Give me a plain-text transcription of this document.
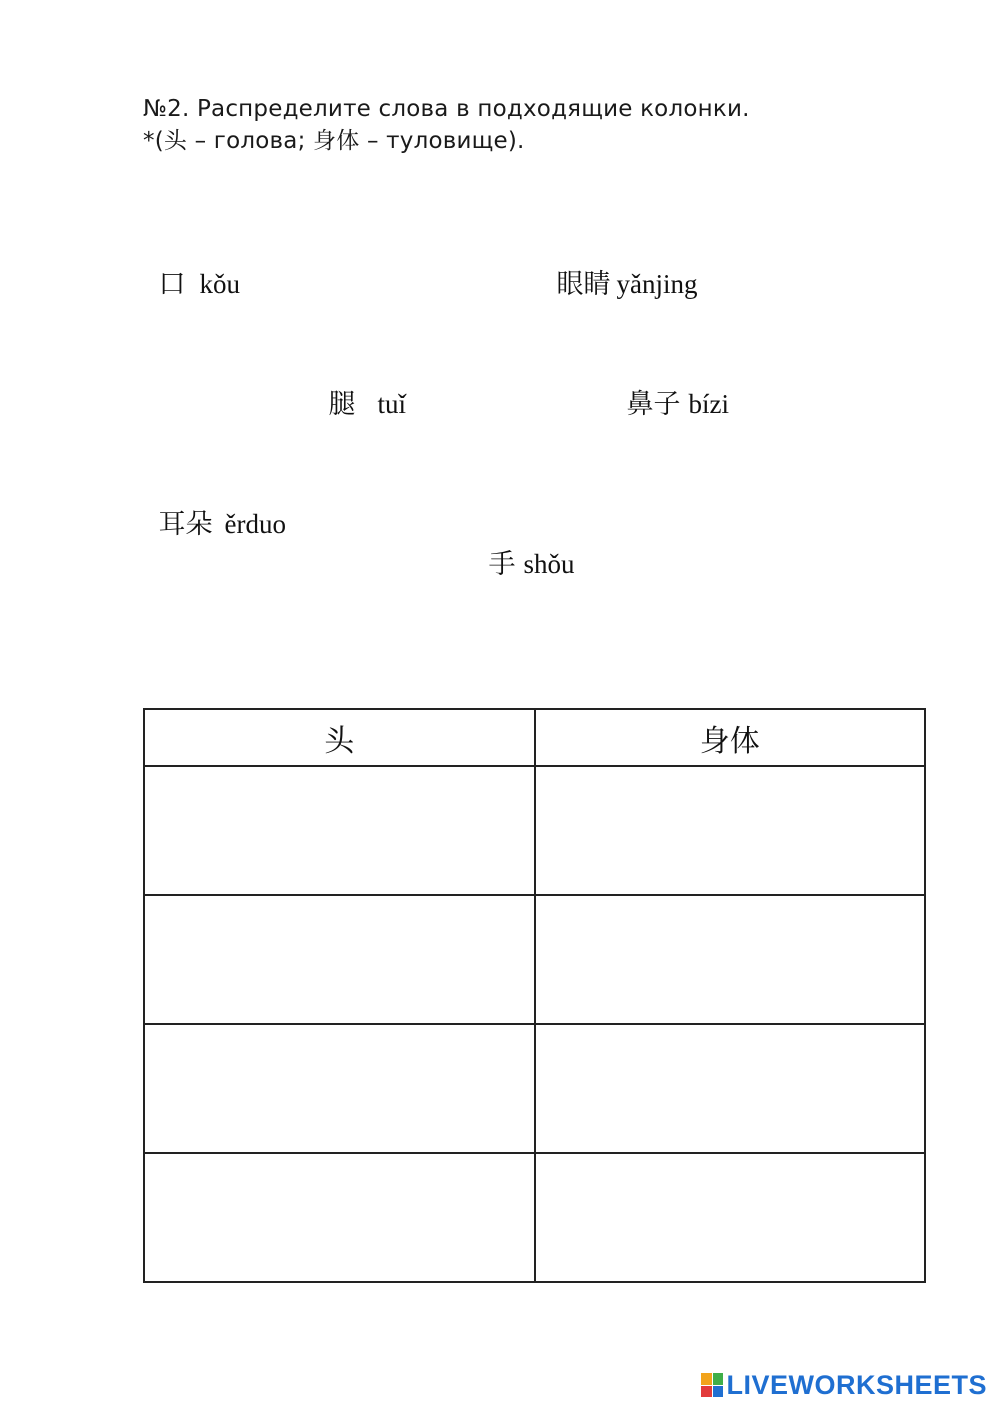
№2. Распределите слова в подходящие колонки.
*(头 – голова; 身体 – туловище).

口 kǒu	眼睛 yǎnjing

腿 tuǐ	鼻子 bízi

耳朵 ěrduo

手 shǒu

头	身体

LIVEWORKSHEETS
